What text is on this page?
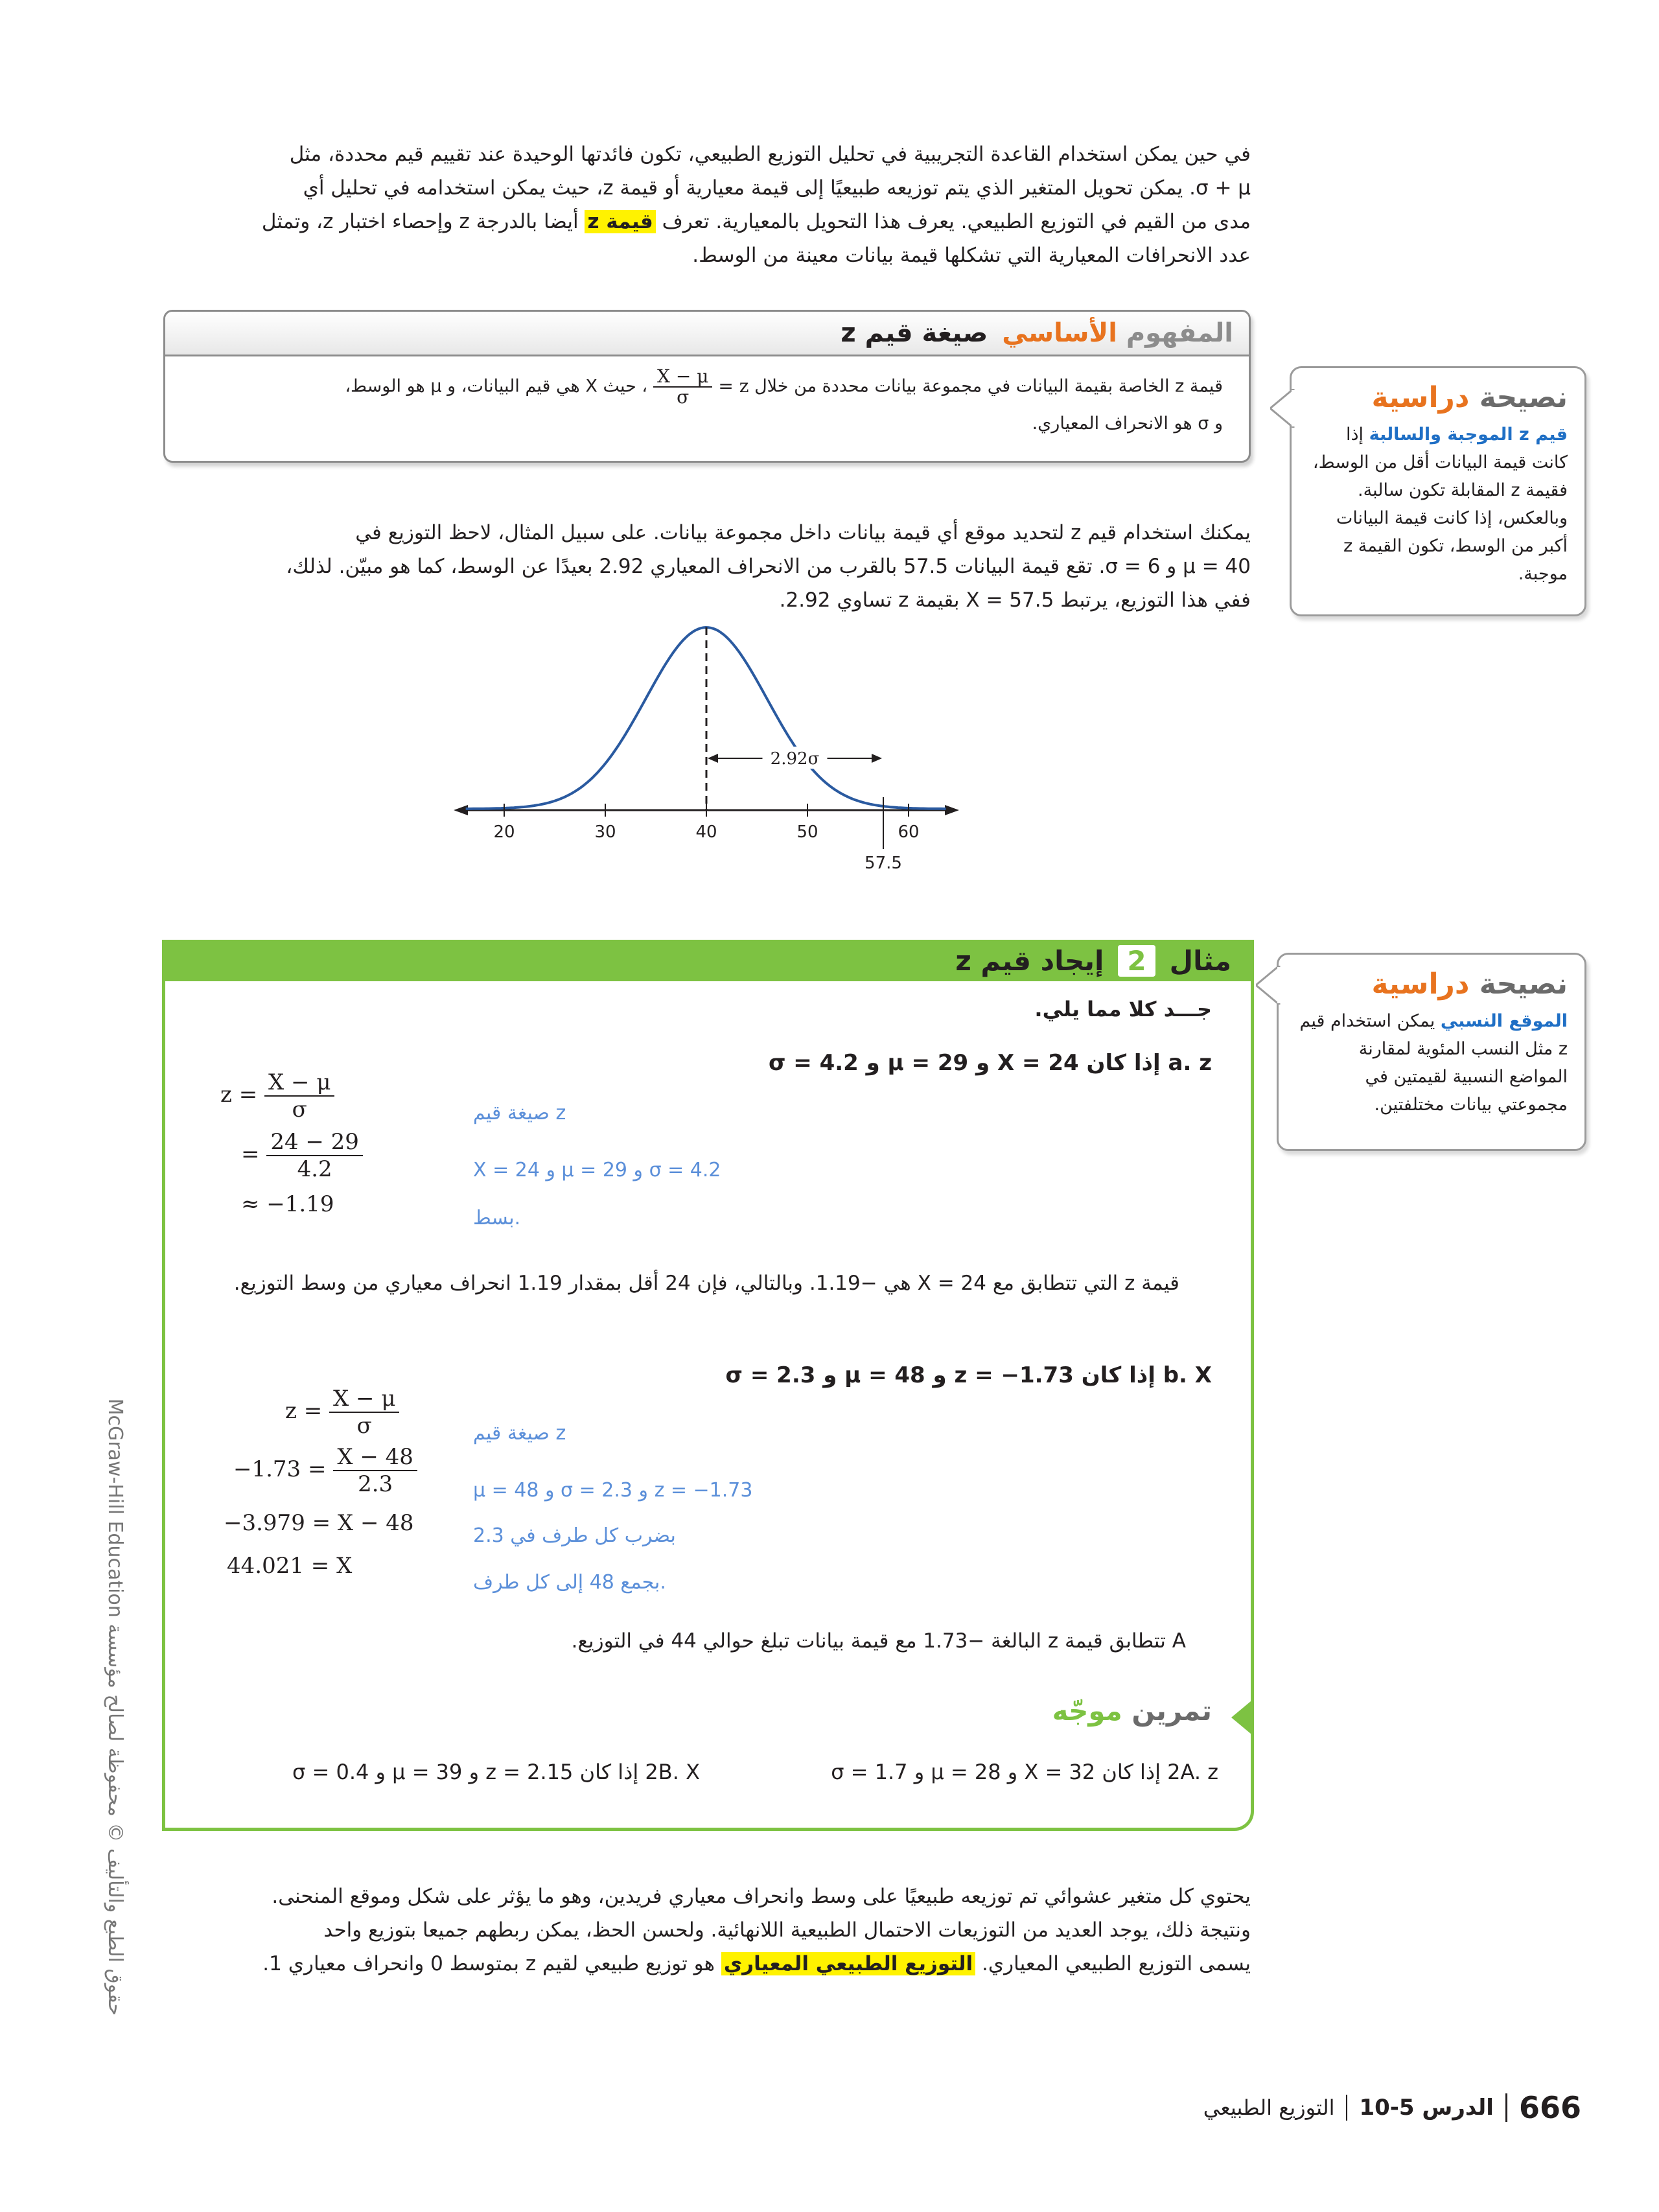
في حين يمكن استخدام القاعدة التجريبية في تحليل التوزيع الطبيعي، تكون فائدتها الوحيدة عند تقييم قيم محددة، مثل

σ + μ. يمكن تحويل المتغير الذي يتم توزيعه طبيعيًا إلى قيمة معيارية أو قيمة z، حيث يمكن استخدامه في تحليل أي

مدى من القيم في التوزيع الطبيعي. يعرف هذا التحويل بالمعيارية. تعرف قيمة z أيضا بالدرجة z وإحصاء اختبار z، وتمثل

عدد الانحرافات المعيارية التي تشكلها قيمة بيانات معينة من الوسط.

المفهوم الأساسي
صيغة قيم z
قيمة z الخاصة بقيمة البيانات في مجموعة بيانات محددة من خلال z =
$\frac{X - \mu}{\sigma}$
، حيث X هي قيم البيانات، و μ هو الوسط،
و σ هو الانحراف المعياري.
نصيحة دراسية
قيم z الموجبة والسالبة إذا كانت قيمة البيانات أقل من الوسط، فقيمة z المقابلة تكون سالبة. وبالعكس، إذا كانت قيمة البيانات أكبر من الوسط، تكون القيمة z موجبة.

يمكنك استخدام قيم z لتحديد موقع أي قيمة بيانات داخل مجموعة بيانات. على سبيل المثال، لاحظ التوزيع في

μ = 40 و σ = 6. تقع قيمة البيانات 57.5 بالقرب من الانحراف المعياري 2.92 بعيدًا عن الوسط، كما هو مبيّن. لذلك،

ففي هذا التوزيع، يرتبط X = 57.5 بقيمة z تساوي 2.92.

20	30	40	50	60
57.5
2.92σ
مثال
2
إيجاد قيم z
نصيحة دراسية
الموقع النسبي يمكن استخدام قيم z مثل النسب المئوية لمقارنة المواضع النسبية لقيمتين في مجموعتي بيانات مختلفتين.
جـــد كلا مما يلي.
a. z إذا كان X = 24 و μ = 29 و σ = 4.2
$z = \frac{X - \mu}{\sigma}$	صيغة قيم z
= $\frac{24 - 29}{4.2}$	X = 24 و μ = 29 و σ = 4.2
≈ −1.19
بسط.
قيمة z التي تتطابق مع X = 24 هي −1.19. وبالتالي، فإن 24 أقل بمقدار 1.19 انحراف معياري من وسط التوزيع.
b. X إذا كان z = −1.73 و μ = 48 و σ = 2.3
$z = \frac{X - \mu}{\sigma}$	صيغة قيم z
$-1.73 = \frac{X - 48}{2.3}$	μ = 48 و σ = 2.3 و z = −1.73
−3.979 = X − 48	بضرب كل طرف في 2.3
44.021 = X
بجمع 48 إلى كل طرف.
A تتطابق قيمة z البالغة −1.73 مع قيمة بيانات تبلغ حوالي 44 في التوزيع.
تمرين موجّه
2A. z إذا كان X = 32 و μ = 28 و σ = 1.7
2B. X إذا كان z = 2.15 و μ = 39 و σ = 0.4

يحتوي كل متغير عشوائي تم توزيعه طبيعيًا على وسط وانحراف معياري فريدين، وهو ما يؤثر على شكل وموقع المنحنى.

ونتيجة ذلك، يوجد العديد من التوزيعات الاحتمال الطبيعية اللانهائية. ولحسن الحظ، يمكن ربطهم جميعا بتوزيع واحد

يسمى التوزيع الطبيعي المعياري. التوزيع الطبيعي المعياري هو توزيع طبيعي لقيم z بمتوسط 0 وانحراف معياري 1.

حقوق الطبع والتأليف © محفوظة لصالح مؤسسة McGraw-Hill Education
666
الدرس 5-10
التوزيع الطبيعي
